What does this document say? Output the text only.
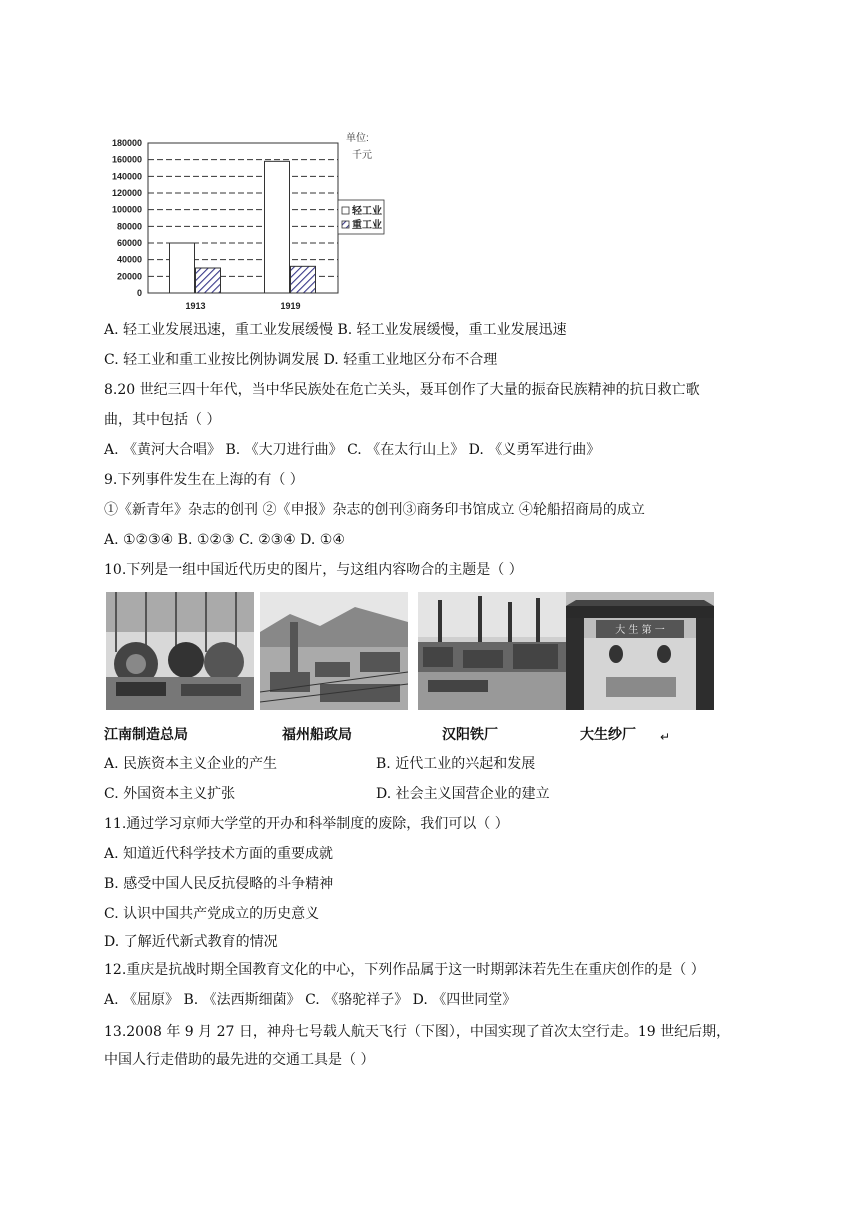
180000
160000
140000
120000
100000
80000
60000
40000
20000
0
1913	1919
单位:
千元
轻工业
重工业
A. 轻工业发展迅速，重工业发展缓慢 B. 轻工业发展缓慢，重工业发展迅速
C. 轻工业和重工业按比例协调发展 D. 轻重工业地区分布不合理
8.20 世纪三四十年代，当中华民族处在危亡关头，聂耳创作了大量的振奋民族精神的抗日救亡歌
曲，其中包括（ ）
A. 《黄河大合唱》 B. 《大刀进行曲》 C. 《在太行山上》 D. 《义勇军进行曲》
9.下列事件发生在上海的有（ ）
①《新青年》杂志的创刊 ②《申报》杂志的创刊③商务印书馆成立 ④轮船招商局的成立
A. ①②③④ B. ①②③ C. ②③④ D. ①④
10.下列是一组中国近代历史的图片，与这组内容吻合的主题是（ ）
大 生 第 一
江南制造总局	福州船政局	汉阳铁厂	大生纱厂 ↵
A. 民族资本主义企业的产生	B. 近代工业的兴起和发展
C. 外国资本主义扩张	D. 社会主义国营企业的建立
11.通过学习京师大学堂的开办和科举制度的废除，我们可以（ ）
A. 知道近代科学技术方面的重要成就
B. 感受中国人民反抗侵略的斗争精神
C. 认识中国共产党成立的历史意义
D. 了解近代新式教育的情况
12.重庆是抗战时期全国教育文化的中心，下列作品属于这一时期郭沫若先生在重庆创作的是（ ）
A. 《屈原》 B. 《法西斯细菌》 C. 《骆驼祥子》 D. 《四世同堂》
13.2008 年 9 月 27 日，神舟七号载人航天飞行（下图），中国实现了首次太空行走。19 世纪后期，
中国人行走借助的最先进的交通工具是（ ）
